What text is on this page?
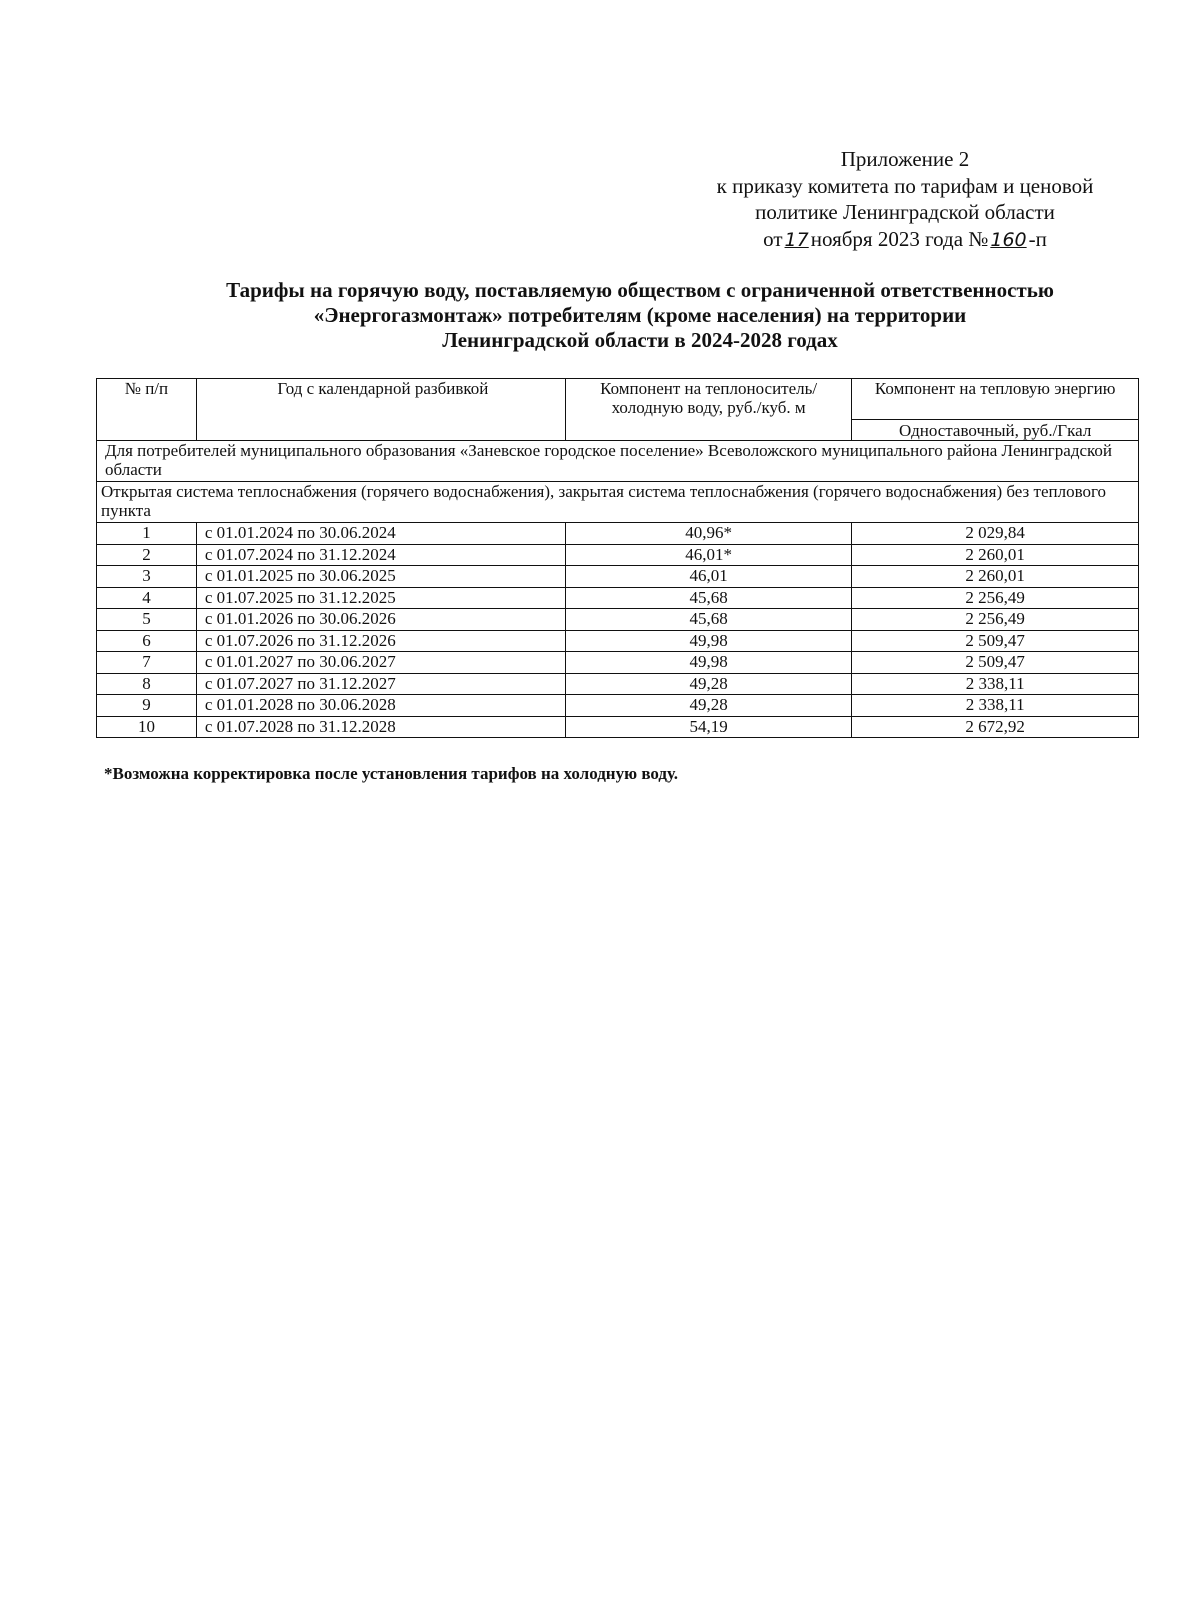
Приложение 2
к приказу комитета по тарифам и ценовой
политике Ленинградской области
от 17ноября 2023 года № 160-п
Тарифы на горячую воду, поставляемую обществом с ограниченной ответственностью
«Энергогазмонтаж» потребителям (кроме населения) на территории
Ленинградской области в 2024-2028 годах
№ п/п	Год с календарной разбивкой	Компонент на теплоноситель/ холодную воду, руб./куб. м	Компонент на тепловую энергию
			Одноставочный, руб./Гкал
Для потребителей муниципального образования «Заневское городское поселение» Всеволожского муниципального района Ленинградской области			
Открытая система теплоснабжения (горячего водоснабжения), закрытая система теплоснабжения (горячего водоснабжения) без теплового пункта			
1	с 01.01.2024 по 30.06.2024	40,96*	2 029,84
2	с 01.07.2024 по 31.12.2024	46,01*	2 260,01
3	с 01.01.2025 по 30.06.2025	46,01	2 260,01
4	с 01.07.2025 по 31.12.2025	45,68	2 256,49
5	с 01.01.2026 по 30.06.2026	45,68	2 256,49
6	с 01.07.2026 по 31.12.2026	49,98	2 509,47
7	с 01.01.2027 по 30.06.2027	49,98	2 509,47
8	с 01.07.2027 по 31.12.2027	49,28	2 338,11
9	с 01.01.2028 по 30.06.2028	49,28	2 338,11
10	с 01.07.2028 по 31.12.2028	54,19	2 672,92
*Возможна корректировка после установления тарифов на холодную воду.
